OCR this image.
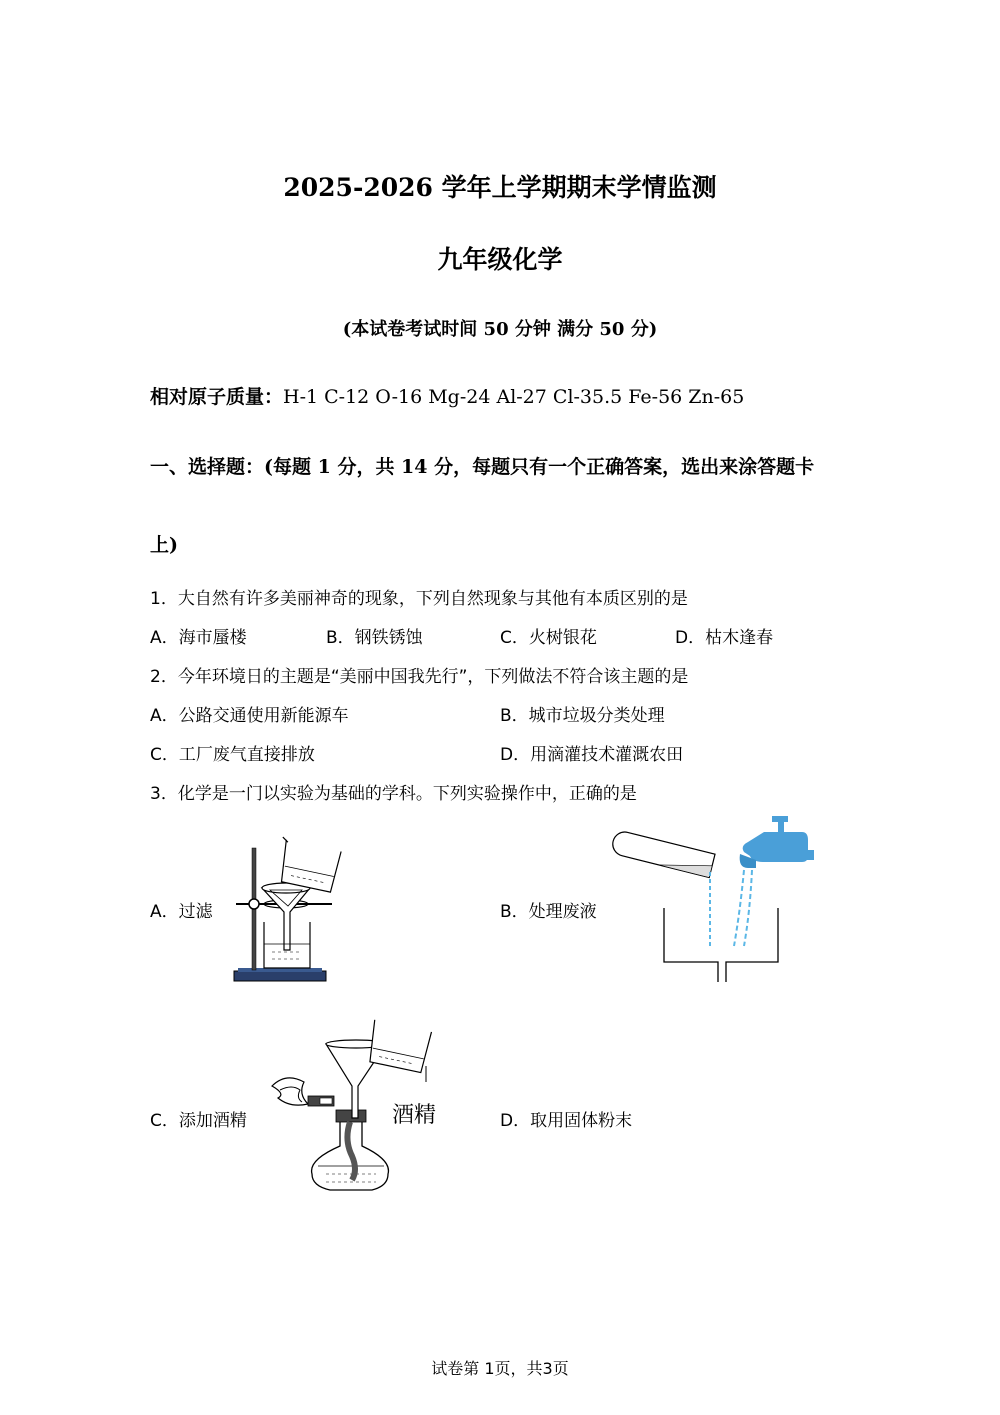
2025-2026 学年上学期期末学情监测
九年级化学
(本试卷考试时间 50 分钟 满分 50 分)
相对原子质量：H-1 C-12 O-16 Mg-24 Al-27 Cl-35.5 Fe-56 Zn-65
一、选择题：(每题 1 分，共 14 分，每题只有一个正确答案，选出来涂答题卡
上)
1．大自然有许多美丽神奇的现象，下列自然现象与其他有本质区别的是
A．海市蜃楼	B．钢铁锈蚀	C．火树银花	D．枯木逢春
2．今年环境日的主题是“美丽中国我先行”，下列做法不符合该主题的是
A．公路交通使用新能源车	B．城市垃圾分类处理
C．工厂废气直接排放	D．用滴灌技术灌溉农田
3．化学是一门以实验为基础的学科。下列实验操作中，正确的是
A．过滤	B．处理废液
C．添加酒精	D．取用固体粉末
酒精
试卷第 1页，共3页
